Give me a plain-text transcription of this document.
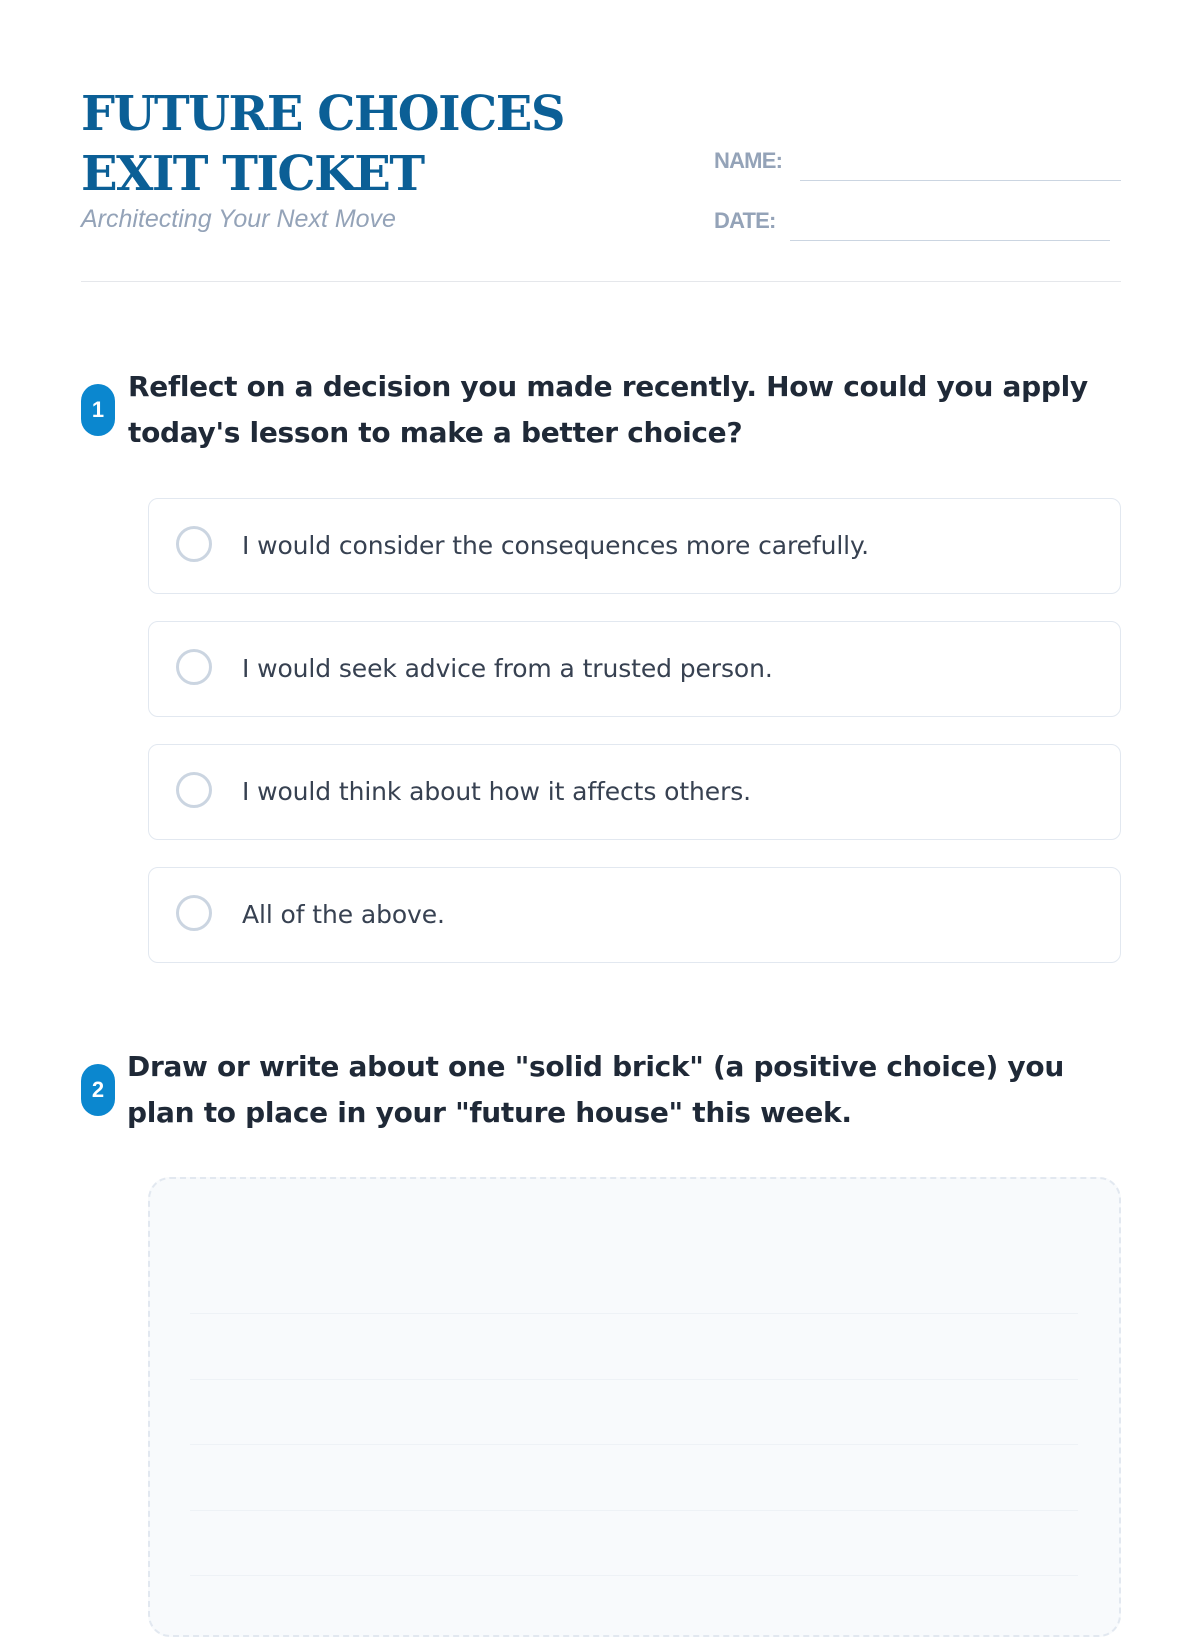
FUTURE CHOICES EXIT TICKET
Architecting Your Next Move
NAME:
DATE:
1

Reflect on a decision you made recently. How could you apply today's lesson to make a better choice?

I would consider the consequences more carefully.
I would seek advice from a trusted person.
I would think about how it affects others.
All of the above.
2

Draw or write about one "solid brick" (a positive choice) you plan to place in your "future house" this week.
